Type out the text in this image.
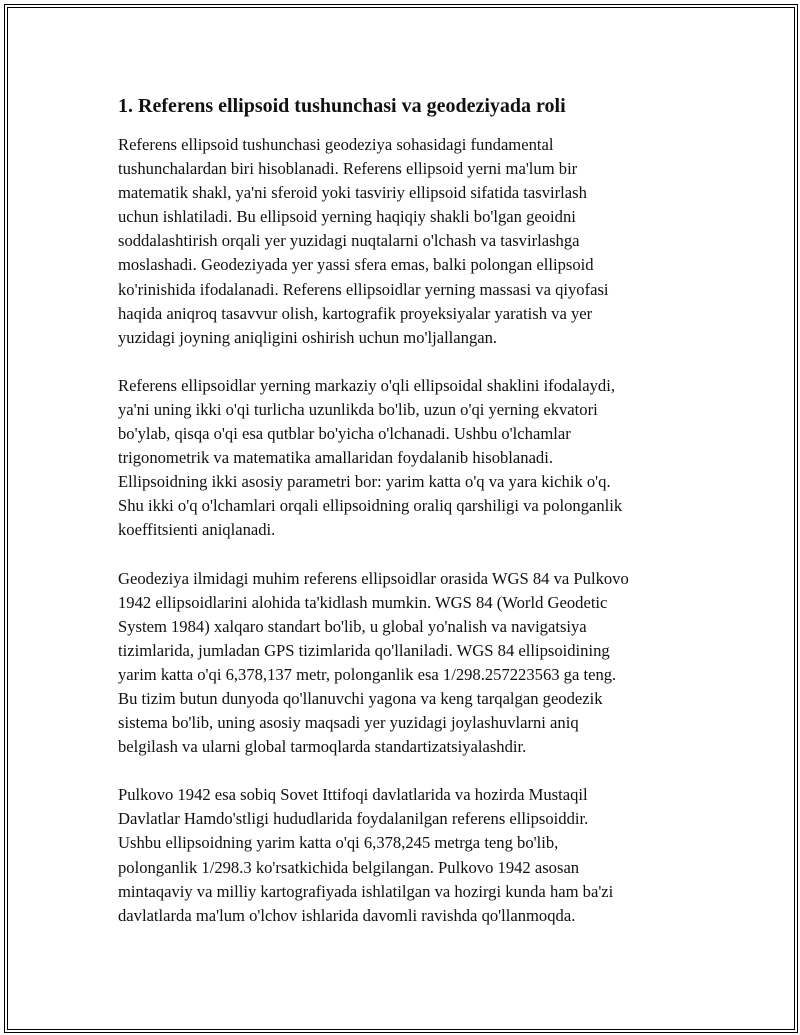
1. Referens ellipsoid tushunchasi va geodeziyada roli

Referens ellipsoid tushunchasi geodeziya sohasidagi fundamental
tushunchalardan biri hisoblanadi. Referens ellipsoid yerni ma'lum bir
matematik shakl, ya'ni sferoid yoki tasviriy ellipsoid sifatida tasvirlash
uchun ishlatiladi. Bu ellipsoid yerning haqiqiy shakli bo'lgan geoidni
soddalashtirish orqali yer yuzidagi nuqtalarni o'lchash va tasvirlashga
moslashadi. Geodeziyada yer yassi sfera emas, balki polongan ellipsoid
ko'rinishida ifodalanadi. Referens ellipsoidlar yerning massasi va qiyofasi
haqida aniqroq tasavvur olish, kartografik proyeksiyalar yaratish va yer
yuzidagi joyning aniqligini oshirish uchun mo'ljallangan.

Referens ellipsoidlar yerning markaziy o'qli ellipsoidal shaklini ifodalaydi,
ya'ni uning ikki o'qi turlicha uzunlikda bo'lib, uzun o'qi yerning ekvatori
bo'ylab, qisqa o'qi esa qutblar bo'yicha o'lchanadi. Ushbu o'lchamlar
trigonometrik va matematika amallaridan foydalanib hisoblanadi.
Ellipsoidning ikki asosiy parametri bor: yarim katta o'q va yara kichik o'q.
Shu ikki o'q o'lchamlari orqali ellipsoidning oraliq qarshiligi va polonganlik
koeffitsienti aniqlanadi.

Geodeziya ilmidagi muhim referens ellipsoidlar orasida WGS 84 va Pulkovo
1942 ellipsoidlarini alohida ta'kidlash mumkin. WGS 84 (World Geodetic
System 1984) xalqaro standart bo'lib, u global yo'nalish va navigatsiya
tizimlarida, jumladan GPS tizimlarida qo'llaniladi. WGS 84 ellipsoidining
yarim katta o'qi 6,378,137 metr, polonganlik esa 1/298.257223563 ga teng.
Bu tizim butun dunyoda qo'llanuvchi yagona va keng tarqalgan geodezik
sistema bo'lib, uning asosiy maqsadi yer yuzidagi joylashuvlarni aniq
belgilash va ularni global tarmoqlarda standartizatsiyalashdir.

Pulkovo 1942 esa sobiq Sovet Ittifoqi davlatlarida va hozirda Mustaqil
Davlatlar Hamdo'stligi hududlarida foydalanilgan referens ellipsoiddir.
Ushbu ellipsoidning yarim katta o'qi 6,378,245 metrga teng bo'lib,
polonganlik 1/298.3 ko'rsatkichida belgilangan. Pulkovo 1942 asosan
mintaqaviy va milliy kartografiyada ishlatilgan va hozirgi kunda ham ba'zi
davlatlarda ma'lum o'lchov ishlarida davomli ravishda qo'llanmoqda.
